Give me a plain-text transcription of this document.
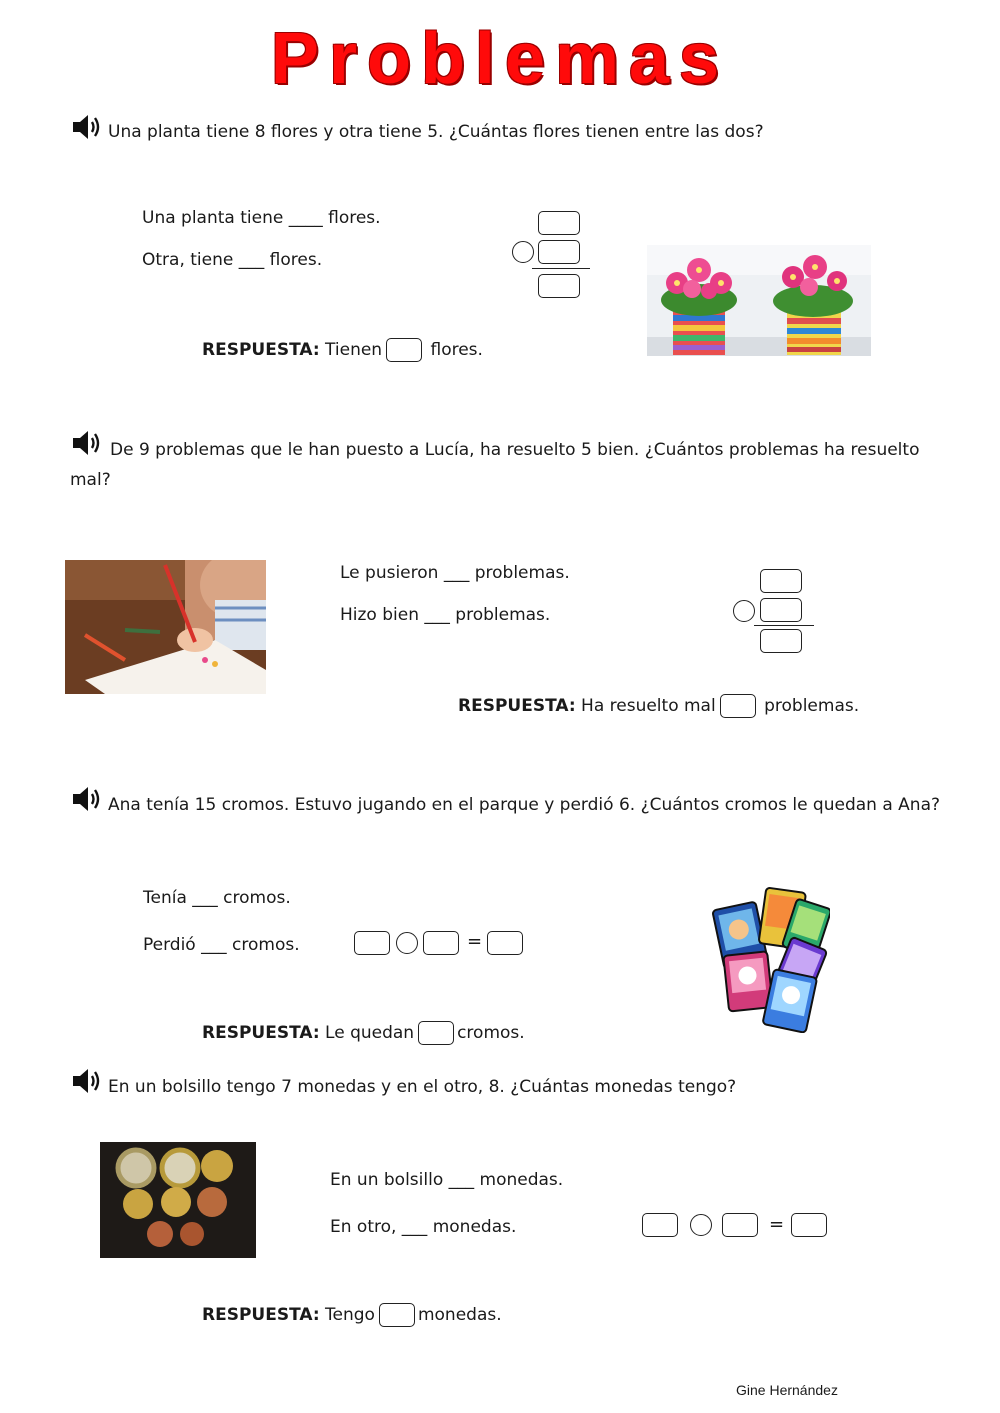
Problemas
Una planta tiene 8 flores y otra tiene 5. ¿Cuántas flores tienen entre las dos?
Una planta tiene ____ flores.
Otra, tiene ___ flores.
RESPUESTA: Tienen	flores.
De 9 problemas que le han puesto a Lucía, ha resuelto 5 bien. ¿Cuántos problemas ha resuelto
mal?
Le pusieron ___ problemas.
Hizo bien ___ problemas.
RESPUESTA: Ha resuelto mal	problemas.
Ana tenía 15 cromos. Estuvo jugando en el parque y perdió 6. ¿Cuántos cromos le quedan a Ana?
Tenía ___ cromos.
Perdió ___ cromos.	=
RESPUESTA: Le quedan	cromos.
En un bolsillo tengo 7 monedas y en el otro, 8. ¿Cuántas monedas tengo?
En un bolsillo ___ monedas.
En otro, ___ monedas.	=
RESPUESTA: Tengo	monedas.
Gine Hernández
